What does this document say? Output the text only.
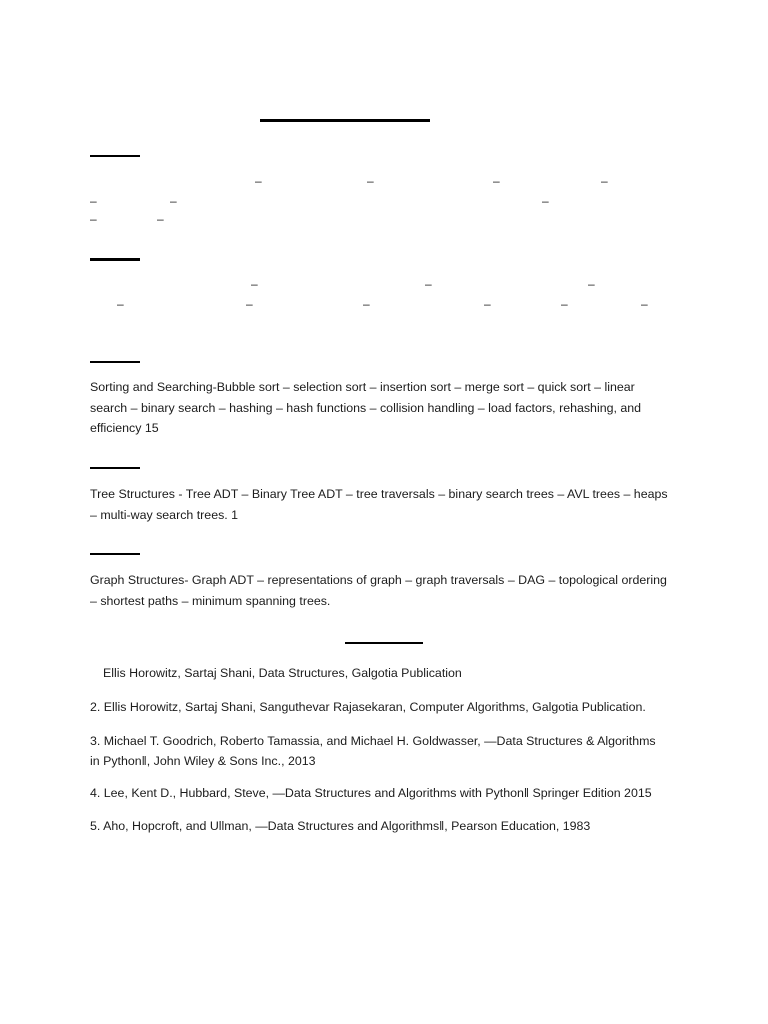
–	–	–	–
–	–	–
–	–
–	–	–
–	–	–	–	–	–
Sorting and Searching-Bubble sort – selection sort – insertion sort – merge sort – quick sort – linear
search – binary search – hashing – hash functions – collision handling – load factors, rehashing, and
efficiency 15
Tree Structures - Tree ADT – Binary Tree ADT – tree traversals – binary search trees – AVL trees – heaps
– multi-way search trees. 1
Graph Structures- Graph ADT – representations of graph – graph traversals – DAG – topological ordering
– shortest paths – minimum spanning trees.
Ellis Horowitz, Sartaj Shani, Data Structures, Galgotia Publication
2. Ellis Horowitz, Sartaj Shani, Sanguthevar Rajasekaran, Computer Algorithms, Galgotia Publication.
3. Michael T. Goodrich, Roberto Tamassia, and Michael H. Goldwasser, —Data Structures & Algorithms
in Python‖, John Wiley & Sons Inc., 2013
4. Lee, Kent D., Hubbard, Steve, —Data Structures and Algorithms with Python‖ Springer Edition 2015
5. Aho, Hopcroft, and Ullman, —Data Structures and Algorithms‖, Pearson Education, 1983
